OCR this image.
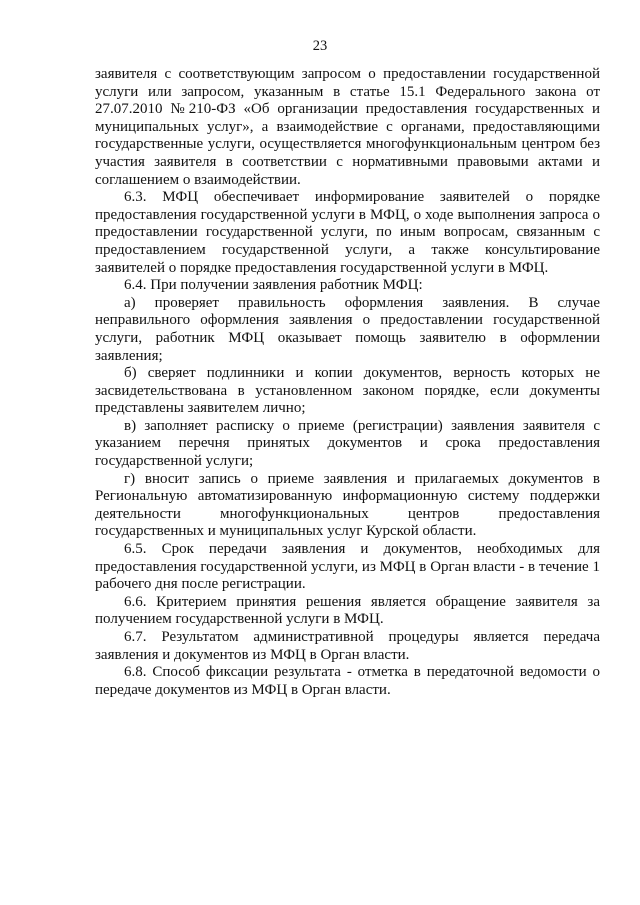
23

заявителя с соответствующим запросом о предоставлении государственной услуги или запросом, указанным в статье 15.1 Федерального закона от 27.07.2010 №210-ФЗ «Об организации предоставления государственных и муниципальных услуг», а взаимодействие с органами, предоставляющими государственные услуги, осуществляется многофункциональным центром без участия заявителя в соответствии с нормативными правовыми актами и соглашением о взаимодействии.

6.3. МФЦ обеспечивает информирование заявителей о порядке предоставления государственной услуги в МФЦ, о ходе выполнения запроса о предоставлении государственной услуги, по иным вопросам, связанным с предоставлением государственной услуги, а также консультирование заявителей о порядке предоставления государственной услуги в МФЦ.

6.4. При получении заявления работник МФЦ:

а) проверяет правильность оформления заявления. В случае неправильного оформления заявления о предоставлении государственной услуги, работник МФЦ оказывает помощь заявителю в оформлении заявления;

б) сверяет подлинники и копии документов, верность которых не засвидетельствована в установленном законом порядке, если документы представлены заявителем лично;

в) заполняет расписку о приеме (регистрации) заявления заявителя с указанием перечня принятых документов и срока предоставления государственной услуги;

г) вносит запись о приеме заявления и прилагаемых документов в Региональную автоматизированную информационную систему поддержки деятельности многофункциональных центров предоставления государственных и муниципальных услуг Курской области.

6.5. Срок передачи заявления и документов, необходимых для предоставления государственной услуги, из МФЦ в Орган власти - в течение 1 рабочего дня после регистрации.

6.6. Критерием принятия решения является обращение заявителя за получением государственной услуги в МФЦ.

6.7. Результатом административной процедуры является передача заявления и документов из МФЦ в Орган власти.

6.8. Способ фиксации результата - отметка в передаточной ведомости о передаче документов из МФЦ в Орган власти.
